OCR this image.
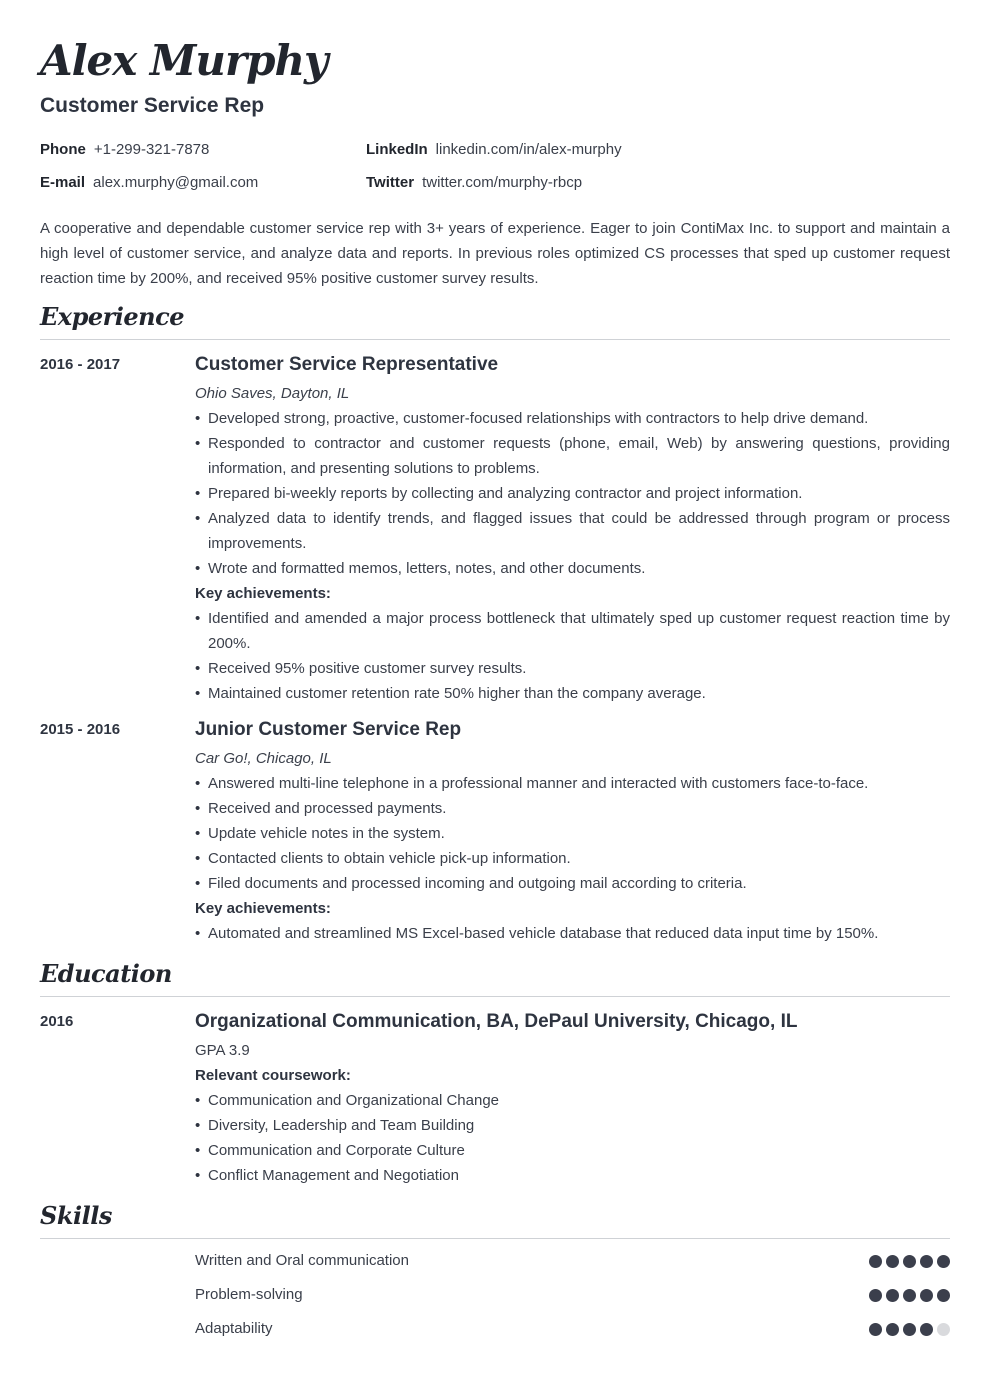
Alex Murphy
Customer Service Rep
Phone +1-299-321-7878	LinkedIn linkedin.com/in/alex-murphy
E-mail alex.murphy@gmail.com	Twitter twitter.com/murphy-rbcp
A cooperative and dependable customer service rep with 3+ years of experience. Eager to join ContiMax Inc. to support and maintain a high level of customer service, and analyze data and reports. In previous roles optimized CS processes that sped up customer request reaction time by 200%, and received 95% positive customer survey results.
Experience
2016 - 2017	Customer Service Representative
Ohio Saves, Dayton, IL
• Developed strong, proactive, customer-focused relationships with contractors to help drive demand.
• Responded to contractor and customer requests (phone, email, Web) by answering questions, providing information, and presenting solutions to problems.
• Prepared bi-weekly reports by collecting and analyzing contractor and project information.
• Analyzed data to identify trends, and flagged issues that could be addressed through program or process improvements.
• Wrote and formatted memos, letters, notes, and other documents.
Key achievements:
• Identified and amended a major process bottleneck that ultimately sped up customer request reaction time by 200%.
• Received 95% positive customer survey results.
• Maintained customer retention rate 50% higher than the company average.
2015 - 2016	Junior Customer Service Rep
Car Go!, Chicago, IL
• Answered multi-line telephone in a professional manner and interacted with customers face-to-face.
• Received and processed payments.
• Update vehicle notes in the system.
• Contacted clients to obtain vehicle pick-up information.
• Filed documents and processed incoming and outgoing mail according to criteria.
Key achievements:
• Automated and streamlined MS Excel-based vehicle database that reduced data input time by 150%.
Education
2016	Organizational Communication, BA, DePaul University, Chicago, IL
GPA 3.9
Relevant coursework:
• Communication and Organizational Change
• Diversity, Leadership and Team Building
• Communication and Corporate Culture
• Conflict Management and Negotiation
Skills
Written and Oral communication
Problem-solving
Adaptability
